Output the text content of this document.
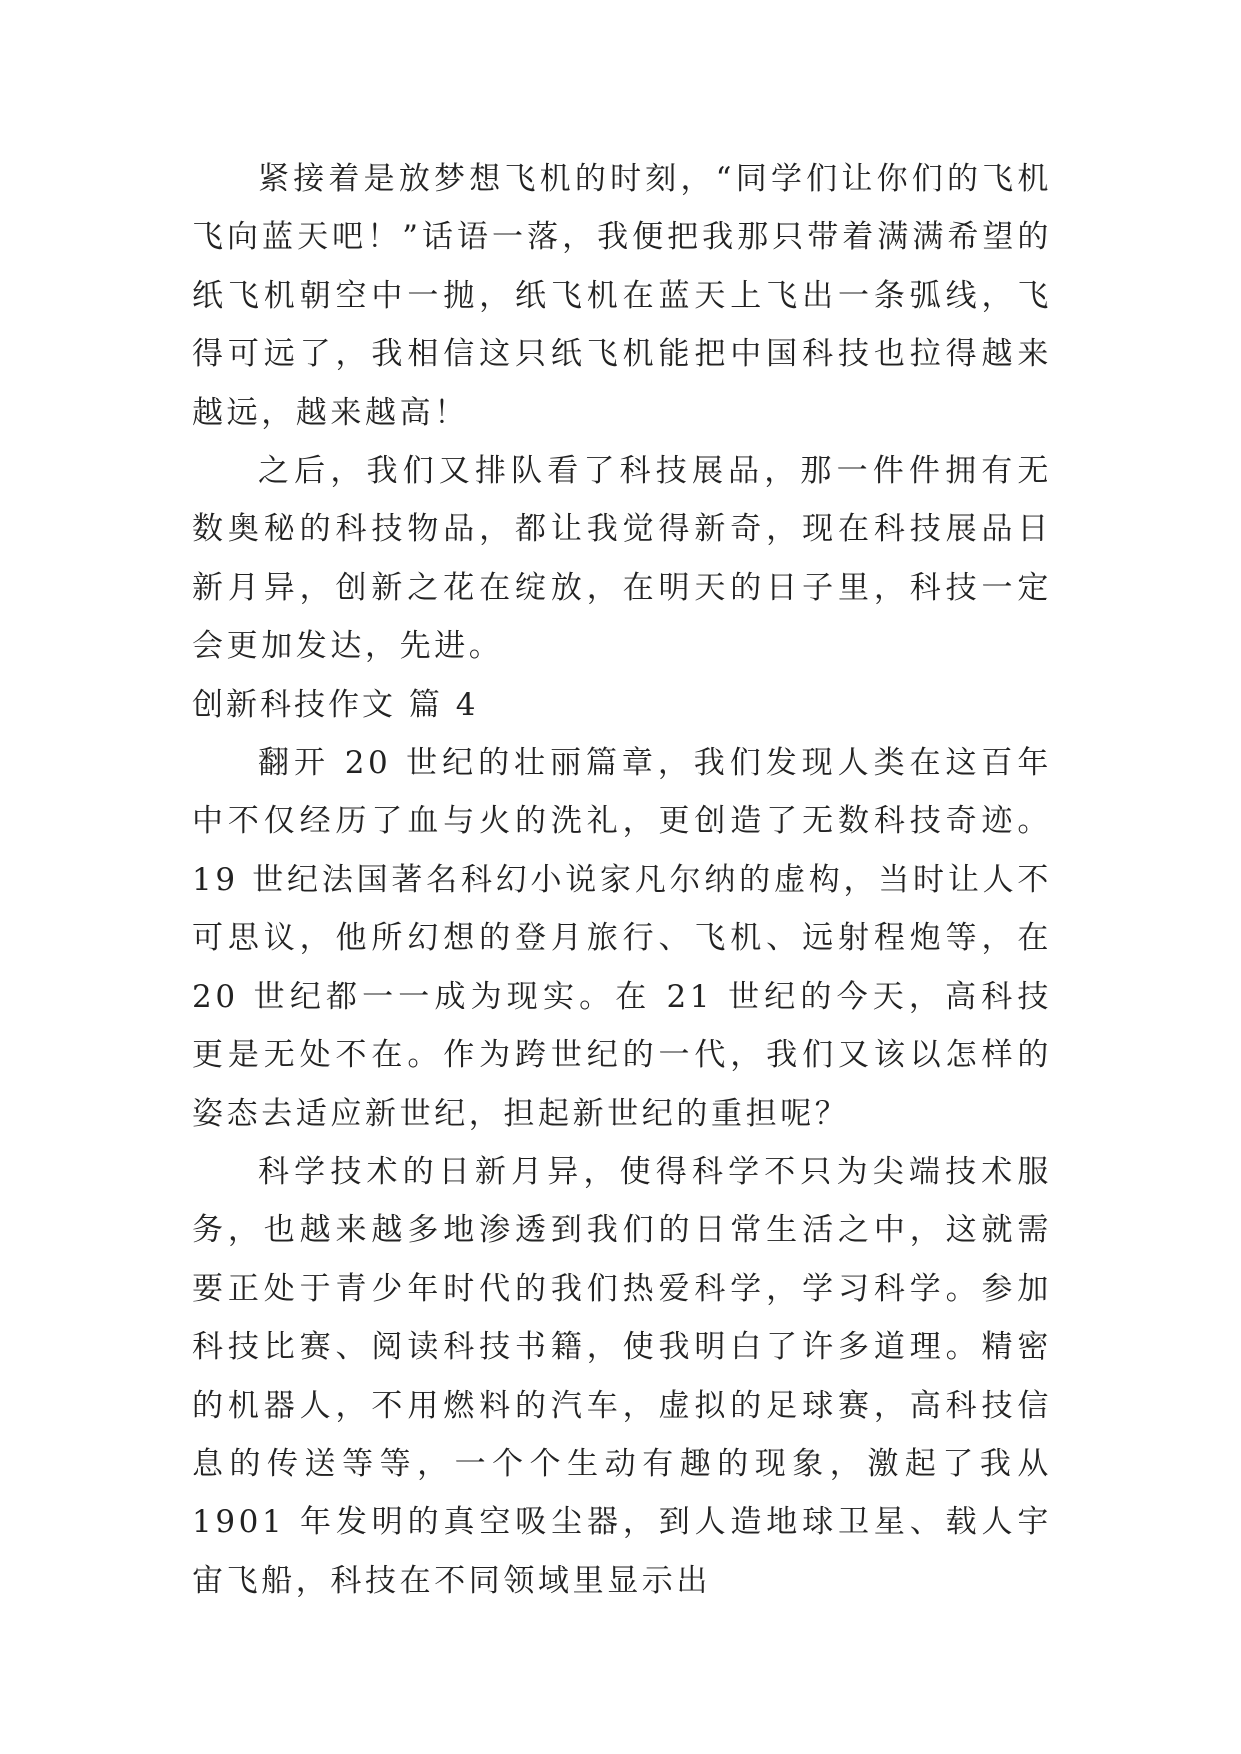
紧接着是放梦想飞机的时刻，“同学们让你们的飞机飞向蓝天吧！”话语一落，我便把我那只带着满满希望的纸飞机朝空中一抛，纸飞机在蓝天上飞出一条弧线，飞得可远了，我相信这只纸飞机能把中国科技也拉得越来越远，越来越高！

之后，我们又排队看了科技展品，那一件件拥有无数奥秘的科技物品，都让我觉得新奇，现在科技展品日新月异，创新之花在绽放，在明天的日子里，科技一定会更加发达，先进。

创新科技作文 篇 4

翻开 20 世纪的壮丽篇章，我们发现人类在这百年中不仅经历了血与火的洗礼，更创造了无数科技奇迹。19 世纪法国著名科幻小说家凡尔纳的虚构，当时让人不可思议，他所幻想的登月旅行、飞机、远射程炮等，在 20 世纪都一一成为现实。在 21 世纪的今天，高科技更是无处不在。作为跨世纪的一代，我们又该以怎样的姿态去适应新世纪，担起新世纪的重担呢？

科学技术的日新月异，使得科学不只为尖端技术服务，也越来越多地渗透到我们的日常生活之中，这就需要正处于青少年时代的我们热爱科学，学习科学。参加科技比赛、阅读科技书籍，使我明白了许多道理。精密的机器人，不用燃料的汽车，虚拟的足球赛，高科技信息的传送等等，一个个生动有趣的现象，激起了我从 1901 年发明的真空吸尘器，到人造地球卫星、载人宇宙飞船，科技在不同领域里显示出
